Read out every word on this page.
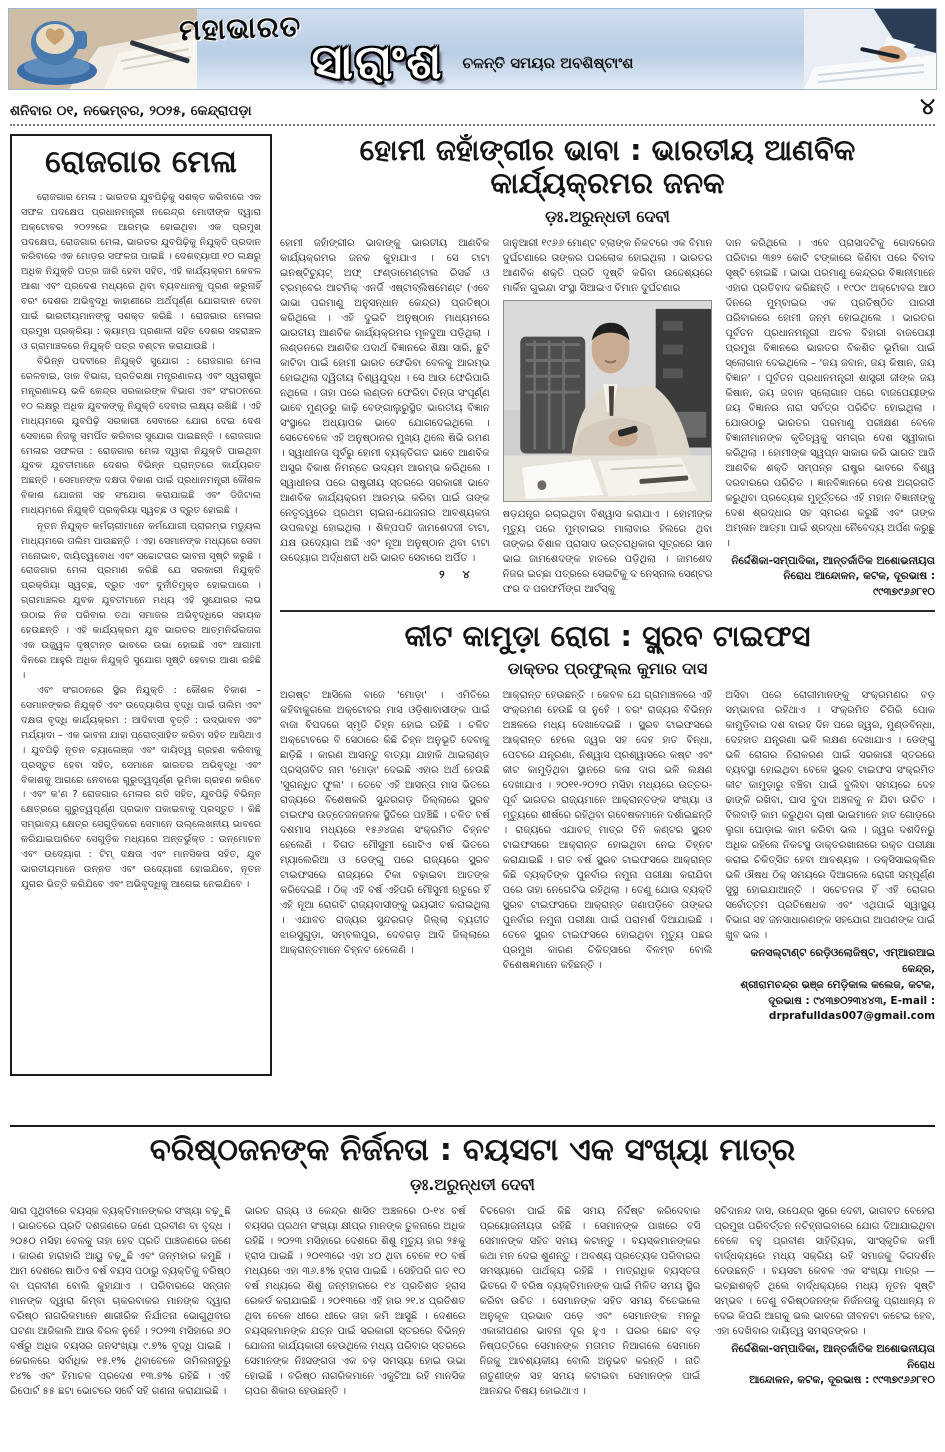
ମହାଭାରତ
ସାରାଂଶ ଚଳନ୍ତି ସମୟର ଅବଶିଷ୍ଟାଂଶ
ଶନିବାର ୦୧, ନଭେମ୍ବର, ୨୦୨୫, କେନ୍ଦ୍ରାପଡ଼ା	୪
ରୋଜଗାର ମେଳା

ରୋଜଗାର ମେଳା : ଭାରତର ଯୁବପିଢ଼ିକୁ ସଶକ୍ତ କରିବାରେ ଏକ ସଫଳ ପଦକ୍ଷେପ ପ୍ରଧାନମନ୍ତ୍ରୀ ନରେନ୍ଦ୍ର ମୋଦୀଙ୍କ ଦ୍ୱାରା ଅକ୍ଟୋବର ୨୦୨୨ରେ ଆରମ୍ଭ ହୋଇଥିବା ଏକ ପ୍ରମୁଖ ପଦକ୍ଷେପ, ରୋଜଗାର ମେଳା, ଭାରତର ଯୁବପିଢ଼ିକୁ ନିଯୁକ୍ତି ପ୍ରଦାନ କରିବାରେ ଏକ ମୋଡ଼ର ସଫଳତା ପାଇଛି । ଦେଶବ୍ୟାପୀ ୧୦ ଲକ୍ଷରୁ ଅଧିକ ନିଯୁକ୍ତି ପତ୍ର ଜାରି ହେବା ସହିତ, ଏହି କାର୍ଯ୍ୟକ୍ରମ କେବଳ ଆଶା ଏବଂ ପ୍ରଦେଶ ମଧ୍ୟରେ ଥିବା ବ୍ୟବଧାନକୁ ପୂରଣ କରୁନାହିଁ ବରଂ ଦେଶର ଅଭିବୃଦ୍ଧି କାହାଣୀରେ ଅର୍ଥପୂର୍ଣ୍ଣ ଯୋଗଦାନ ଦେବା ପାଇଁ ଭାରତୀୟମାନଙ୍କୁ ସଶକ୍ତ କରିଛି । ରୋଜଗାର ମେଳାର ପ୍ରମୁଖ ପ୍ରକ୍ରିୟା : କ୍ୟାମ୍ପ ପ୍ରଣାଳୀ ସହିତ ଦେଶର ସହରାଞ୍ଚଳ ଓ ଗ୍ରାମାଞ୍ଚଳରେ ନିଯୁକ୍ତି ପତ୍ର ବଣ୍ଟନ କରାଯାଉଛି ।

ବିଭିନ୍ନ ପଦବୀରେ ନିଯୁକ୍ତି ସୁଯୋଗ : ରୋଜଗାର ମେଳା ରେଳବାଇ, ଡାକ ବିଭାଗ, ପ୍ରତିରକ୍ଷା ମନ୍ତ୍ରଣାଳୟ ଏବଂ ସ୍ୱରାଷ୍ଟ୍ର ମନ୍ତ୍ରଣାଳୟ ଭଳି କେନ୍ଦ୍ର ସରକାରଙ୍କ ବିଭାଗ ଏବଂ ସଂଗଠନରେ ୧୦ ଲକ୍ଷରୁ ଅଧିକ ଯୁବକଙ୍କୁ ନିଯୁକ୍ତି ଦେବାର ଲକ୍ଷ୍ୟ ରଖିଛି । ଏହି ମାଧ୍ୟମରେ ଯୁବପିଢ଼ି ସରକାରୀ ସେବାରେ ଯୋଗ ଦେଇ ଦେଶ ସେବାରେ ନିଜକୁ ସମର୍ପିତ କରିବାର ସୁଯୋଗ ପାଇଛନ୍ତି । ରୋଜଗାର ମେଳାର ସଫଳତା : ରୋଜଗାର ମେଳା ଦ୍ୱାରା ନିଯୁକ୍ତି ପାଇଥିବା ଯୁବକ ଯୁବତୀମାନେ ଦେଶର ବିଭିନ୍ନ ପ୍ରାନ୍ତରେ କାର୍ଯ୍ୟରତ ଅଛନ୍ତି । ସେମାନଙ୍କ ଦକ୍ଷତା ବିକାଶ ପାଇଁ ପ୍ରଧାନମନ୍ତ୍ରୀ କୌଶଳ ବିକାଶ ଯୋଜନା ସହ ସଂଯୋଗ କରାଯାଇଛି ଏବଂ ଡିଜିଟାଲ ମାଧ୍ୟମରେ ନିଯୁକ୍ତି ପ୍ରକ୍ରିୟା ସ୍ୱଚ୍ଛ ଓ ଦ୍ରୁତ ହୋଇଛି ।

ନୂତନ ନିଯୁକ୍ତ କର୍ମଚାରୀମାନେ କର୍ମଯୋଗୀ ପ୍ରାରମ୍ଭ ମଡ୍ୟୁଲ ମାଧ୍ୟମରେ ତାଲିମ ପାଉଛନ୍ତି । ଏହା ସେମାନଙ୍କ ମଧ୍ୟରେ ସେବା ମନୋଭାବ, ଦାୟିତ୍ୱବୋଧ ଏବଂ ସଚ୍ଚୋଟତାର ଭାବନା ସୃଷ୍ଟି କରୁଛି । ରୋଜଗାର ମେଳା ପ୍ରମାଣ କରିଛି ଯେ ସରକାରୀ ନିଯୁକ୍ତି ପ୍ରକ୍ରିୟା ସ୍ୱଚ୍ଛ, ଦ୍ରୁତ ଏବଂ ଦୁର୍ନୀତିମୁକ୍ତ ହୋଇପାରେ । ଗ୍ରାମାଞ୍ଚଳର ଯୁବକ ଯୁବତୀମାନେ ମଧ୍ୟ ଏହି ସୁଯୋଗର ଲାଭ ଉଠାଇ ନିଜ ପରିବାର ତଥା ସମାଜର ଅଭିବୃଦ୍ଧିରେ ସହାୟକ ହେଉଛନ୍ତି । ଏହି କାର୍ଯ୍ୟକ୍ରମ ଯୁବ ଭାରତର ଆତ୍ମନିର୍ଭରତାର ଏକ ଉଜ୍ଜ୍ୱଳ ଦୃଷ୍ଟାନ୍ତ ଭାବରେ ଉଭା ହୋଇଛି ଏବଂ ଆଗାମୀ ଦିନରେ ଆହୁରି ଅଧିକ ନିଯୁକ୍ତି ସୁଯୋଗ ସୃଷ୍ଟି ହେବାର ଆଶା ରହିଛି ।

ଏବଂ ସଂଗଠନରେ ସ୍ଥିର ନିଯୁକ୍ତି : କୌଶଳ ବିକାଶ – ସେମାନଙ୍କର ନିଯୁକ୍ତି ଏବଂ ଉଦ୍ୟୋଗିତା ବୃଦ୍ଧି ପାଇଁ ତାଲିମ ଏବଂ ଦକ୍ଷତା ବୃଦ୍ଧି କାର୍ଯ୍ୟକ୍ରମ : ଆଦିବାସୀ ବୃତ୍ତି : ଉଦ୍ଭାବନ ଏବଂ ମର୍ଯ୍ୟାଦା – ଏକ ଭାବନା ଯାହା ପ୍ରୋତ୍ସାହିତ କରିବା ସହିତ ଆସିଥାଏ । ଯୁବପିଢ଼ି ନୂତନ ଚ୍ୟାଲେଞ୍ଜ ଏବଂ ଦାୟିତ୍ୱ ଗ୍ରହଣ କରିବାକୁ ପ୍ରସ୍ତୁତ ହେବା ସହିତ, ସେମାନେ ଭାରତର ଅଭିବୃଦ୍ଧି ଏବଂ ବିକାଶକୁ ଆଗରେ ନେବାରେ ଗୁରୁତ୍ୱପୂର୍ଣ୍ଣ ଭୂମିକା ଗ୍ରହଣ କରିବେ । ଏବଂ କ'ଣ ? ରୋଜଗାର ମେଳାର ଗତି ସହିତ, ଯୁବପିଢ଼ି ବିଭିନ୍ନ କ୍ଷେତ୍ରରେ ଗୁରୁତ୍ୱପୂର୍ଣ୍ଣ ପ୍ରଭାବ ପକାଇବାକୁ ପ୍ରସ୍ତୁତ । କିଛି ସମ୍ଭାବ୍ୟ କ୍ଷେତ୍ର ସେଗୁଡ଼ିକରେ ସେମାନେ ଉଲ୍ଲେଖନୀୟ ଭାବରେ କରିଯାଇପାରିବେ ସେଗୁଡ଼ିକ ମଧ୍ୟରେ ଅନ୍ତର୍ଭୁକ୍ତ : ଉନ୍ମୋଚନ ଏବଂ ଉଦ୍ୟୋଗ : ଟିମ୍ ଦକ୍ଷତା ଏବଂ ମାନସିକତା ସହିତ, ଯୁବ ଭାରତୀୟମାନେ ଉନ୍ନତ ଏବଂ ଉଦ୍ୟୋଗୀ ହୋଇଯିବେ, ନୂତନ ଯୁଗର ଭିତ୍ତି କରିଯିବେ ଏବଂ ଅଭିବୃଦ୍ଧିକୁ ଆଗେଇ ନେଇଯିବେ ।

ହୋମୀ ଜହାଁଙ୍ଗୀର ଭାବା : ଭାରତୀୟ ଆଣବିକ କାର୍ଯ୍ୟକ୍ରମର ଜନକ
ଡ଼ଃ.ଅରୁନ୍ଧତୀ ଦେବୀ

ହୋମୀ ଜହାଁଙ୍ଗୀର ଭାବାଙ୍କୁ ଭାରତୀୟ ଆଣବିକ କାର୍ଯ୍ୟକ୍ରମର ଜନକ କୁହାଯାଏ । ସେ ଟାଟା ଇନଷ୍ଟିଚ୍ୟୁଟ୍ ଅଫ୍ ଫଣ୍ଡାମେଣ୍ଟାଲ ରିସର୍ଚ୍ଚ ଓ ଟ୍ରମ୍ବେର ଆଟମିକ୍ ଏନର୍ଜି ଏଷ୍ଟାବ୍ଲିଷମେଣ୍ଟ (ଏବେ ଭାଭା ପରମାଣୁ ଅନୁସନ୍ଧାନ କେନ୍ଦ୍ର) ପ୍ରତିଷ୍ଠା କରିଥିଲେ । ଏହି ଦୁଇଟି ଅନୁଷ୍ଠାନ ମାଧ୍ୟମରେ ଭାରତୀୟ ଆଣବିକ କାର୍ଯ୍ୟକ୍ରମର ମୂଳଦୁଆ ପଡ଼ିଥିଲା । ଲଣ୍ଡନରେ ଆଣବିକ ପଦାର୍ଥ ବିଜ୍ଞାନରେ ଶିକ୍ଷା ସାରି, ଛୁଟି କାଟିବା ପାଇଁ ହୋମୀ ଭାରତ ଫେରିବା ବେଳକୁ ଆରମ୍ଭ ହୋଇଥିଲା ଦ୍ୱିତୀୟ ବିଶ୍ୱଯୁଦ୍ଧ । ସେ ଆଉ ଫେରିପାରି ନଥିଲେ । ତାହା ପରେ ଲଣ୍ଡନ ଫେରିବା ଚିନ୍ତା ସଂପୂର୍ଣ୍ଣ ଭାବେ ମୁଣ୍ଡରୁ କାଢ଼ି ବେଙ୍ଗାଲୁରୁସ୍ଥିତ ଭାରତୀୟ ବିଜ୍ଞାନ ସଂସ୍ଥାରେ ଅଧ୍ୟାପକ ଭାବେ ଯୋଗଦେଇଥିଲେ । ସେତେବେଳେ ଏହି ଅନୁଷ୍ଠାନର ମୁଖ୍ୟ ଥିଲେ ଷିଭି ରମଣ । ସ୍ୱାଧୀନତା ପୂର୍ବରୁ ହୋମୀ ବ୍ୟକ୍ତିଗତ ଭାବେ ଆଣବିକ ଅସ୍ତ୍ର ବିକାଶ ନିମନ୍ତେ ଉଦ୍ୟମ ଆରମ୍ଭ କରିଥିଲେ । ସ୍ୱାଧୀନତା ପରେ ରାଷ୍ଟ୍ରୀୟ ସ୍ତରରେ ସରକାରୀ ଭାବେ ଆଣବିକ କାର୍ଯ୍ୟକ୍ରମ ଆରମ୍ଭ କରିବା ପାଇଁ ତାଙ୍କ ନେତୃତ୍ୱରେ ପ୍ରଥମ ଚାଇନା-ଯୋଜନାର ଆବଶ୍ୟକତା ଉପଲବ୍ଧି ହୋଇଥିଲା । ଶିଳ୍ପପତି ଜାମଶେଦଜୀ ଟାଟା, ଯକ୍ଷ ଉଦ୍ୟୋଗ ଅଛି ଏବଂ ନୂଆ ଅନୁଷ୍ଠାନ ଥିବା ଟାଟା ଉଦ୍ୟୋଗ ଅର୍ଦ୍ଧଶତୀ ଧରି ଭାରତ ସେବାରେ ଅର୍ପିତ ।

୨ ୪

ଜାନୁଆରୀ ୧୯୬୬ ମୋଣ୍ଟ ବ୍ଲାଙ୍କ ନିକଟରେ ଏକ ବିମାନ ଦୁର୍ଘଟଣାରେ ତାଙ୍କର ପରଲୋକ ହୋଇଥିଲା । ଭାରତର ଆଣବିକ ଶକ୍ତି ପ୍ରତି ଦୃଷ୍ଟି କରିବା ଉଦ୍ଦେଶ୍ୟରେ ମାର୍କିନ ଗୁଇନ୍ଦା ସଂସ୍ଥା ସିଆଇଏ ବିମାନ ଦୁର୍ଘଟଣାର

ଷଡ଼ଯନ୍ତ୍ର ରଚାଇଥିବା ବିଶ୍ୱାସ କରାଯାଏ । ହୋମୀଙ୍କ ମୃତ୍ୟୁ ପରେ ମୁମ୍ବାଇର ମାଲାବାର ହିଲରେ ଥିବା ତାଙ୍କର ବିଶାଳ ପ୍ରାସାଦ ଉତ୍ତରାଧିକାର ସୂତ୍ରରେ ସାନ ଭାଇ ଜାମଶେଦଙ୍କ ହାତରେ ପଡ଼ିଥିଲା । ଜାମଶେଦ ନିଜର ଇଚ୍ଛା ପତ୍ରରେ ସେଇଟିକୁ ଦ ନେସ୍ନାଲ ସେଣ୍ଟର ଫର ଦ ପରଫର୍ମିଙ୍ଗ ଆର୍ଟସ୍କୁ

ଦାନ କରିଥିଲେ । ଏବେ ପ୍ରାସାଦଟିକୁ ଗୋଦରେଜ ପରିବାର ୩୭୨ କୋଟି ଟଙ୍କାରେ କିଣିବା ପରେ ବିବାଦ ସୃଷ୍ଟି ହୋଇଛି । ଭାଭା ପରମାଣୁ କେନ୍ଦ୍ରର ବିଜ୍ଞାନୀମାନେ ଏହାର ପ୍ରତିବାଦ କରିଛନ୍ତି । ୧୯୦୯ ଅକ୍ଟୋବର ଆଠ ଦିନରେ ମୁମ୍ବାଇର ଏକ ପ୍ରତିଷ୍ଠିତ ପାରସୀ ପରିବାରରେ ହୋମୀ ଜନ୍ମ ହୋଇଥିଲେ । ଭାରତର ପୂର୍ବତନ ପ୍ରଧାନମନ୍ତ୍ରୀ ଅଟଳ ବିହାରୀ ବାଜପେୟୀ ପ୍ରମୁଖ ବିଜ୍ଞାନରେ ଭାରତର ବିକଶିତ ଭୂମିକା ପାଇଁ ସ୍ଲୋଗାନ ଦେଇଥିଲେ – 'ଜୟ ଜବାନ, ଜୟ କିଷାନ, ଜୟ ବିଜ୍ଞାନ' । ପୂର୍ବତନ ପ୍ରଧାନମନ୍ତ୍ରୀ ଶାସ୍ତ୍ରୀ ଜୀଙ୍କ ଜୟ କିଷାନ, ଜୟ ଜବାନ ସ୍ଲୋଗାନ ପରେ ବାଜପେୟୀଙ୍କ ଜୟ ବିଜ୍ଞାନର ନାରା ସର୍ବତ୍ର ପରିଚିତ ହୋଇଥିଲା । ଯୋଉଠାରୁ ଭାରତର ପରମାଣୁ ପରୀକ୍ଷଣ ବେଳେ ବିଜ୍ଞାନୀମାନଙ୍କ କୃତିତ୍ୱକୁ ସମଗ୍ର ଦେଶ ସ୍ୱୀକାର କରିଥିଲା । ହୋମୀଙ୍କ ସ୍ୱପ୍ନ ସାକାର କରି ଭାରତ ଆଜି ଆଣବିକ ଶକ୍ତି ସମ୍ପନ୍ନ ରାଷ୍ଟ୍ର ଭାବରେ ବିଶ୍ୱ ଦରବାରରେ ପରିଚିତ । ଜ୍ଞାନବିଜ୍ଞାନରେ ଦେଶ ଅଗ୍ରଗତି କରୁଥିବା ପ୍ରତ୍ୟେକ ମୁହୂର୍ତ୍ତରେ ଏହି ମହାନ ବିଜ୍ଞାନୀଙ୍କୁ ଦେଶ ଶ୍ରଦ୍ଧାର ସହ ସ୍ମରଣ କରୁଛି ଏବଂ ତାଙ୍କ ଅମ୍ଳାନ ଆତ୍ମା ପାଇଁ ଶ୍ରଦ୍ଧା ନୈବେଦ୍ୟ ଅର୍ପଣ କରୁଛୁ ।

ନିର୍ଦ୍ଦେଶିକା-ସମ୍ପାଦିକା, ଆନ୍ତର୍ଜାତିକ ଅଶୋଭନୀୟତା

ନିରୋଧ ଆନ୍ଦୋଳନ, କଟକ, ଦୂରଭାଷ :

୯୯୩୭୯୬୬୮୧୦

କୀଟ କାମୁଡ଼ା ରୋଗ : ସ୍କ୍ରବ ଟାଇଫସ
ଡାକ୍ତର ପ୍ରଫୁଲ୍ଲ କୁମାର ଦାସ

ଅଗଷ୍ଟ ଆସିଲେ ବାଜେ 'ମୋଡ଼ା' । ଏମିତିରେ କହିବାକୁଗଲେ ଅକ୍ଟୋବର ମାସ ଓଡ଼ିଶାବାସୀଙ୍କ ପାଇଁ ବାଜା ବିପଦରେ ସ୍ମୃତି ଚିହ୍ନ ହୋଇ ରହିଛି । ଚଳିତ ଅକ୍ଟୋବରେ ବି ସେଠାରେ କିଛି ଚିହ୍ନ ଅନୁଭୂତି ଦେବାକୁ ଛାଡ଼ିଛି । କାରଣ ଆସନ୍ତୁ ବାତ୍ୟା ଯାହାକି ଥାଇଲାଣ୍ଡ ପ୍ରସ୍ତାବିତ ନାମ 'ମୋଡ଼ା' ଦେଇଛି ଏହାର ଅର୍ଥ ହେଉଛି 'ସୁଗନ୍ଧିତ ଫୁଲ' । ତେବେ ଏହି ଆସନ୍ତା ମାସ ଭିତରେ ରାଜ୍ୟରେ ବିଶେଷକରି ସୁନ୍ଦରଗଡ଼ ଜିଲ୍ଲାରେ ସ୍କ୍ରବ ଟାଇଫସ ଉତ୍ତେଜନଜନକ ସ୍ଥିତିରେ ପହଞ୍ଚିଛି । ଚଳିତ ବର୍ଷ ଦଶମାସ ମଧ୍ୟରେ ୧୫୬୪ଜଣ ସଂକ୍ରମିତ ଚିହ୍ନଟ ହେଲେଣି । ବିଗତ ମୌସୁମୀ ଗୋଟିଏ ବର୍ଷ ଭିତରେ ମ୍ୟାଲେରିଆ ଓ ଡେଙ୍ଗୁ ପରେ ରାଜ୍ୟରେ ସ୍କ୍ରବ ଟାଇଫସରେ ରାଜ୍ୟରେ ଟିକା ବଢ଼ାଇବା ଆତଙ୍କ କରିଦେଇଛି । ଠିକ୍ ଏହି ବର୍ଷ ଏହିପରି ମୌସୁମୀ ଋତୁରେ ହିଁ ଏହି ନୂଆ ରୋଗଟି ରାଜ୍ୟବାସୀଙ୍କୁ ଭୟଭୀତ କରାଇଥିଲା । ଏଯାବତ ରାଜ୍ୟର ସୁନ୍ଦରଗଡ଼ ଜିଲ୍ଲା ବ୍ୟତୀତ ଝାରସୁଗୁଡ଼ା, ସମ୍ବଲପୁର, ଦେବଗଡ଼ ଆଦି ଜିଲ୍ଲାରେ ଆକ୍ରାନ୍ତମାନେ ଚିହ୍ନଟ ହେଲେଣି ।

ଆକ୍ରାନ୍ତ ହେଉଛନ୍ତି । କେବଳ ଯେ ଗ୍ରାମାଞ୍ଚଳରେ ଏହି ସଂକ୍ରମଣ ହେଉଛି ତା ନୁହେଁ । ବରଂ ରାଜ୍ୟର ବିଭିନ୍ନ ଅଞ୍ଚଳରେ ମଧ୍ୟ ଦେଖାଦେଇଛି । ସ୍କ୍ରବ ଟାଇଫସରେ ଆକ୍ରାନ୍ତ ହେଲେ ଜ୍ୱର ସହ ଦେହ ହାତ ବିନ୍ଧା, ପେଟରେ ଯନ୍ତ୍ରଣା, ନିଶ୍ୱାସ ପ୍ରଶ୍ୱାସରେ କଷ୍ଟ ଏବଂ କୀଟ କାମୁଡ଼ିଥିବା ସ୍ଥାନରେ କଳା ଦାଗ ଭଳି ଲକ୍ଷଣ ଦେଖାଯାଏ । ୨୦୧୧-୨୦୨୦ ମସିହା ମଧ୍ୟରେ ଉତ୍ତର-ପୂର୍ବ ଭାରତର ରାଜ୍ୟମାନେ ଆକ୍ରାନ୍ତଙ୍କ ସଂଖ୍ୟା ଓ ମୃତ୍ୟୁରେ ଶୀର୍ଷରେ ରହିଥିବା ଗବେଷକମାନେ ଦର୍ଶାଇଛନ୍ତି । ରାଜ୍ୟରେ ଏଯାବତ୍ ମାତ୍ର ତିନି କଣ୍ଟର ସ୍କ୍ରବ ଟାଇଫସରେ ଆକ୍ରାନ୍ତ ହୋଇଥିବା ନେଇ ଚିହ୍ନଟ କରାଯାଇଛି । ଗତ ବର୍ଷ ସ୍କ୍ରବ ଟାଇଫସରେ ଆକ୍ରାନ୍ତ କିଛି ବ୍ୟକ୍ତିଙ୍କ ପୁନର୍ବାର ନମୁନା ପରୀକ୍ଷା କରାଯିବା ପରେ ତାହା ନେଗେଟିଭ ରହିଥିଲା । ତେଣୁ ଯୋଉ ବ୍ୟକ୍ତି ସ୍କ୍ରବ ଟାଇଫସରେ ଆକ୍ରାନ୍ତ ଜଣାପଡ଼ିବେ ତାଙ୍କର ପୁନର୍ବାର ନମୁନା ପରୀକ୍ଷା ପାଇଁ ପରାମର୍ଶ ଦିଆଯାଇଛି । ତେବେ ସ୍କ୍ରବ ଟାଇଫସରେ ହୋଇଥିବା ମୃତ୍ୟୁ ପଛର ପ୍ରମୁଖ କାରଣ ଚିକିତ୍ସାରେ ବିଳମ୍ବ ବୋଲି ବିଶେଷଜ୍ଞମାନେ କହିଛନ୍ତି ।

ଅସିବା ପରେ ରୋଗୀମାନଙ୍କୁ ସଂକ୍ରମଣର ବଡ଼ ସମ୍ଭାବନା ରହିଥାଏ । ସଂକ୍ରମିତ ଚିଗିରି ପୋକ କାମୁଡ଼ିବାର ଦଶ ବାରହ ଦିନ ପରେ ଜ୍ୱର, ମୁଣ୍ଡବିନ୍ଧା, ଦେହହାତ ଯନ୍ତ୍ରଣା ଭଳି ଲକ୍ଷଣ ଦେଖାଯାଏ । ଡେଙ୍ଗୁ ଭଳି ରୋଗର ନିରାକରଣ ପାଇଁ ସରକାରୀ ସ୍ତରରେ ବ୍ୟବସ୍ଥା ହୋଇଥିବା ବେଳେ ସ୍କ୍ରବ ଟାଇଫସ ସଂକ୍ରମିତ କୀଟ କାମୁଡ଼ାରୁ ବଞ୍ଚିବା ପାଇଁ ବୁଲିବା ସମୟରେ ଦେହ ଢାଙ୍କି ରଖିବା, ଘାସ ବୁଦା ଅଞ୍ଚଳକୁ ନ ଯିବା ଉଚିତ । ବିଲବାଡ଼ି କାମ କରୁଥିବା ଚାଷୀ ଭାଇମାନେ ହାତ ଗୋଡ଼ରେ ଲୁଗା ଘୋଡ଼ାଇ କାମ କରିବା ଭଲ । ଜ୍ୱର ଦଶଦିନରୁ ଅଧିକ ରହିଲେ ନିକଟସ୍ଥ ଡାକ୍ତରଖାନାରେ ରକ୍ତ ପରୀକ୍ଷା କରାଇ ଚିକିତ୍ସିତ ହେବା ଆବଶ୍ୟକ । ଡକ୍ସିସାଇକ୍ଲିନ ଭଳି ଔଷଧ ଠିକ୍ ସମୟରେ ଦିଆଗଲେ ରୋଗୀ ସମ୍ପୂର୍ଣ୍ଣ ସୁସ୍ଥ ହୋଇଯାଆନ୍ତି । ସଚେତନତା ହିଁ ଏହି ରୋଗର ସର୍ବୋତ୍ତମ ପ୍ରତିଷେଧକ ଏବଂ ଏଥିପାଇଁ ସ୍ୱାସ୍ଥ୍ୟ ବିଭାଗ ସହ ଜନସାଧାରଣଙ୍କ ସହଯୋଗ ଆପଣଙ୍କ ପାଇଁ ଖୁବ ଭଲ ।

କନସଲ୍ଟାଣ୍ଟ ରେଡ଼ିଓଲୋଜିଷ୍ଟ, ଏମ୍ଆରଆଇ କେନ୍ଦ୍ର,

ଶ୍ରୀରାମଚନ୍ଦ୍ର ଭଞ୍ଜ ମେଡ଼ିକାଲ କଲେଜ, କଟକ,

ଦୂରଭାଷ : ୯୪୩୭୦୨୩୪୪୩, E-mail :

drprafulldas007@gmail.com

ବରିଷ୍ଠଜନଙ୍କ ନିର୍ଜନତା : ବୟସଟା ଏକ ସଂଖ୍ୟା ମାତ୍ର
ଡ଼ଃ.ଅରୁନ୍ଧତୀ ଦେବୀ

ସାରା ପୃଥିବୀରେ ବୟସ୍କ ବ୍ୟକ୍ତିମାନଙ୍କର ସଂଖ୍ୟା ବଢ଼ୁଛି । ଭାରତରେ ପ୍ରତି ଦଶଜଣରେ ଜଣେ ପ୍ରବୀଣ ବା ବୃଦ୍ଧ । ୨୦୫୦ ମସିହା ବେଳକୁ ତାହା ହେବ ପ୍ରତି ପାଞ୍ଚଜଣରେ ଜଣେ । କାରଣ ହାରାହାରି ଆୟୁ ବଢ଼ୁଛି ଏବଂ ଜନ୍ମହାର କମୁଛି । ଆମ ଦେଶରେ ଷାଠିଏ ବର୍ଷ ବୟସ ପଠାରୁ ବ୍ୟକ୍ତିକୁ ବରିଷ୍ଠ ବା ପ୍ରବୀଣ ବୋଲି କୁହାଯାଏ । ପରିବାରରେ ସନ୍ତାନ ମାନଙ୍କ ଦ୍ୱାରା କିମ୍ବା ଚାକରବାକର ମାନଙ୍କ ଦ୍ୱାରା ବରିଷ୍ଠ ନାଗରିକମାନେ ଶାରୀରିକ ନିର୍ଯାତନା ଭୋଗୁଥିବାର ଘଟଣା ଆଜିକାଲି ଆଉ ବିରଳ ନୁହେଁ । ୨୦୨୩ ମସିହାରେ ୬୦ ବର୍ଷରୁ ଅଧିକ ବୟସର ଜନସଂଖ୍ୟା ୯.୭% ବୃଦ୍ଧି ପାଇଛି । କେରଳରେ ସର୍ବାଧିକ ୧୫.୧% ଥିବାବେଳେ ତାମିଲନାଡୁରୁ ୧୪% ଏବଂ ହିମାଚଳ ପ୍ରଦେଶ ୧୩.୭% ରହିଛି । ଏହି ରିପୋର୍ଟ ୫୫ ଛଟା ଭୋଟରେ ସର୍ବେ ସହି ଗଣନା କରାଯାଇଛି ।

ଭାରତ ରାଜ୍ୟ ଓ କେନ୍ଦ୍ର ଶାସିତ ଅଞ୍ଚଳରେ ୦-୧୪ ବର୍ଷ ବୟସର ପ୍ରଥମ ସଂଖ୍ୟା କ୍ଷୀପ୍ର ମାନଙ୍କ ତୁଳନାରେ ଅଧିକ ରହିଛି । ୨୦୨୩ ମସିହାରେ ଦେଶରେ ଶିଶୁ ମୃତ୍ୟୁ ହାର ୨୫କୁ ହ୍ରାସ ପାଇଛି । ୨୦୧୩ରେ ଏହା ୪୦ ଥିବା ବେଳେ ୧୦ ବର୍ଷ ମଧ୍ୟରେ ଏହା ୩୬.୫% ହ୍ରାସ ପାଇଛି । ସେହିପରି ଗତ ୧୦ ବର୍ଷ ମଧ୍ୟରେ ଶିଶୁ ଜନ୍ମହାରରେ ୧୪ ପ୍ରତିଶତ ହ୍ରାସ ରେକର୍ଡ କରାଯାଇଛି । ୨୦୧୩ରେ ଏହି ହାର ୨୧.୪ ପ୍ରତିଶତ ଥିବା ବେଳେ ଧୀରେ ଧୀରେ ତାହା କମି ଆସୁଛି । ଦେଶରେ ବୟସ୍କମାନଙ୍କ ଯତ୍ନ ପାଇଁ ସରକାରୀ ସ୍ତରରେ ବିଭିନ୍ନ ଯୋଜନା କାର୍ଯ୍ୟକାରୀ ହେଉଥିଲେ ମଧ୍ୟ ପରିବାର ସ୍ତରରେ ସେମାନଙ୍କ ନିଃସଙ୍ଗତା ଏକ ବଡ଼ ସମସ୍ୟା ହୋଇ ଉଭା ହୋଇଛି । ବରିଷ୍ଠ ନାଗରିକମାନେ ଏକୁଟିଆ ରହି ମାନସିକ ଚାପର ଶିକାର ହେଉଛନ୍ତି ।

ବିଚରେବା ପାଇଁ କିଛି ସମୟ ନିର୍ଦ୍ଦିଷ୍ଟ କରିଦେବାର ପ୍ରୟୋଜନୀୟତା ରହିଛି । ସେମାନଙ୍କ ପାଖରେ ବସି ସେମାନଙ୍କ ସହିତ ସମୟ କଟାନ୍ତୁ । ବୟସ୍କମାନଙ୍କର କଥା ମନ ଦେଇ ଶୁଣନ୍ତୁ । ଅବଶ୍ୟ ପ୍ରତ୍ୟେକ ପରିବାରର ସମସ୍ୟାରେ ପାର୍ଥକ୍ୟ ରହିଛି । ମାତ୍ରାଧିକ ବ୍ୟସ୍ତତା ଭିତରେ ବି ବରିଷ ବ୍ୟକ୍ତିମାନଙ୍କ ପାଇଁ ମିଳିତ ସମୟ ସ୍ଥିର କରିବା ଉଚିତ । ସେମାନଙ୍କ ସହିତ ସମୟ ବିତେଇଲେ ଅନୁକୂଳ ପ୍ରଭାବ ପଡ଼େ ଏବଂ ସେମାନଙ୍କ ମନରୁ ଏକାକୀପଣର ଭାବନା ଦୂର ହୁଏ । ଘରର ଛୋଟ ବଡ଼ ନିଷ୍ପତ୍ତିରେ ସେମାନଙ୍କ ମତାମତ ନିଆଗଲେ ସେମାନେ ନିଜକୁ ଆବଶ୍ୟକୀୟ ବୋଲି ଅନୁଭବ କରନ୍ତି । ନାତି ନାତୁଣୀଙ୍କ ସହ ସମୟ କଟାଇବା ସେମାନଙ୍କ ପାଇଁ ଆନନ୍ଦର ବିଷୟ ହୋଇଥାଏ ।

ସଚିଦାନନ୍ଦ ଦାସ, ଉପେନ୍ଦ୍ର ସ୍ତ୍ରେ ଦେବୀ, ଭାଗବତ ବେହେରା ପ୍ରମୁଖ ପରିବର୍ତ୍ତନ ନଚିହ୍ନାଇବାରେ ଯୋଗ ଦିଆଯାଇଥିବା ବେଳେ ବହୁ ପ୍ରବୀଣ ସାହିତ୍ୟିକ, ସାଂସ୍କୃତିକ କର୍ମୀ ବାର୍ଦ୍ଧକ୍ୟରେ ମଧ୍ୟ ସକ୍ରିୟ ରହି ସମାଜକୁ ଦିଗଦର୍ଶନ ଦେଉଛନ୍ତି । ବୟସଟା କେବଳ ଏକ ସଂଖ୍ୟା ମାତ୍ର — ଇଚ୍ଛାଶକ୍ତି ଥିଲେ ବାର୍ଦ୍ଧକ୍ୟରେ ମଧ୍ୟ ନୂତନ ସୃଷ୍ଟି ସମ୍ଭବ । ତେଣୁ ବରିଷ୍ଠଜନଙ୍କ ନିର୍ଜନତାକୁ ପ୍ରାଧାନ୍ୟ ନ ଦେଇ କିପରି ଆଗକୁ ଭଲ ଭାବରେ ଜୀବନଟା କଟେଇ ହେବ, ଏହା ଦେଖିବାର ଦାୟିତ୍ୱ ସମସ୍ତଙ୍କର ।

ନିର୍ଦ୍ଦେଶିକା-ସମ୍ପାଦିକା, ଆନ୍ତର୍ଜାତିକ ଅଶୋଭନୀୟତା ନିରୋଧ

ଆନ୍ଦୋଳନ, କଟକ, ଦୂରଭାଷ : ୯୯୩୭୯୬୬୮୧୦
